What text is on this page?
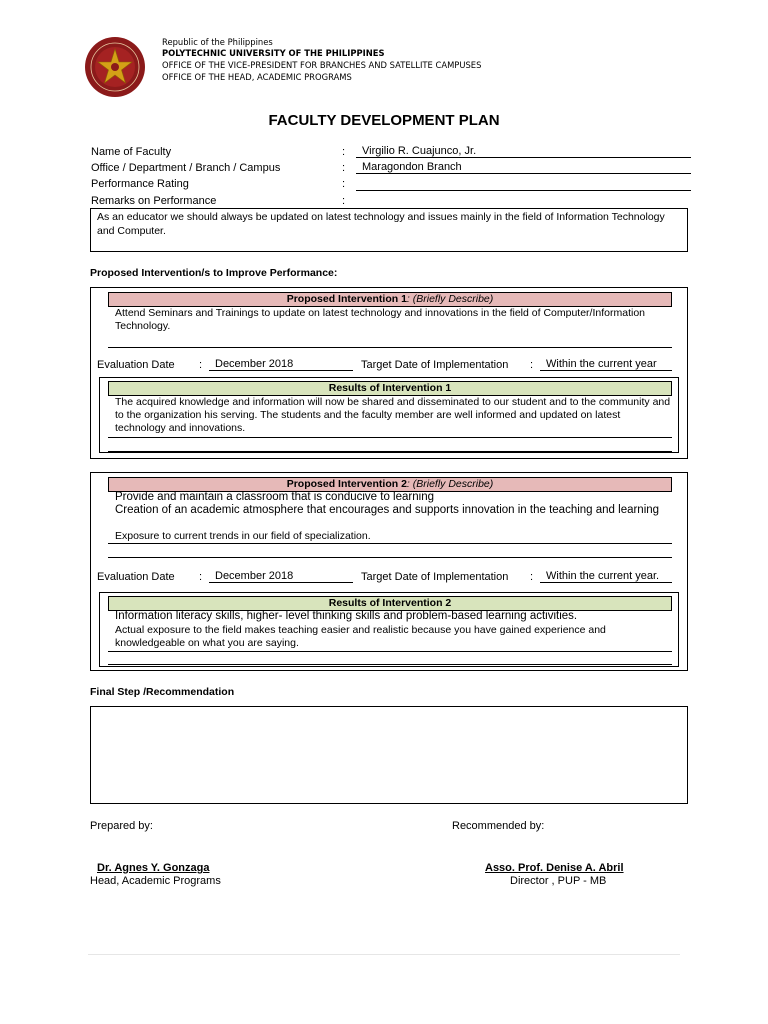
Republic of the Philippines
POLYTECHNIC UNIVERSITY OF THE PHILIPPINES
OFFICE OF THE VICE-PRESIDENT FOR BRANCHES AND SATELLITE CAMPUSES
OFFICE OF THE HEAD, ACADEMIC PROGRAMS
FACULTY DEVELOPMENT PLAN
Name of Faculty	:	Virgilio R. Cuajunco, Jr.
Office / Department / Branch / Campus	:	Maragondon Branch
Performance Rating	:
Remarks on Performance	:
As an educator we should always be updated on latest technology and issues mainly in the field of Information Technology and Computer.
Proposed Intervention/s to Improve Performance:
Proposed Intervention 1: (Briefly Describe)
Attend Seminars and Trainings to update on latest technology and innovations in the field of Computer/Information Technology.
Evaluation Date :	December 2018	Target Date of Implementation :	Within the current year
Results of Intervention 1
The acquired knowledge and information will now be shared and disseminated to our student and to the community and to the organization his serving. The students and the faculty member are well informed and updated on latest technology and innovations.
Proposed Intervention 2: (Briefly Describe)
Provide and maintain a classroom that is conducive to learning
Creation of an academic atmosphere that encourages and supports innovation in the teaching and learning
Exposure to current trends in our field of specialization.
Evaluation Date :	December 2018	Target Date of Implementation :	Within the current year.
Results of Intervention 2
Information literacy skills, higher- level thinking skills and problem-based learning activities.
Actual exposure to the field makes teaching easier and realistic because you have gained experience and knowledgeable on what you are saying.
Final Step /Recommendation
Prepared by:	Recommended by:
Dr. Agnes Y. Gonzaga
Head, Academic Programs
Asso. Prof. Denise A. Abril
Director , PUP - MB
